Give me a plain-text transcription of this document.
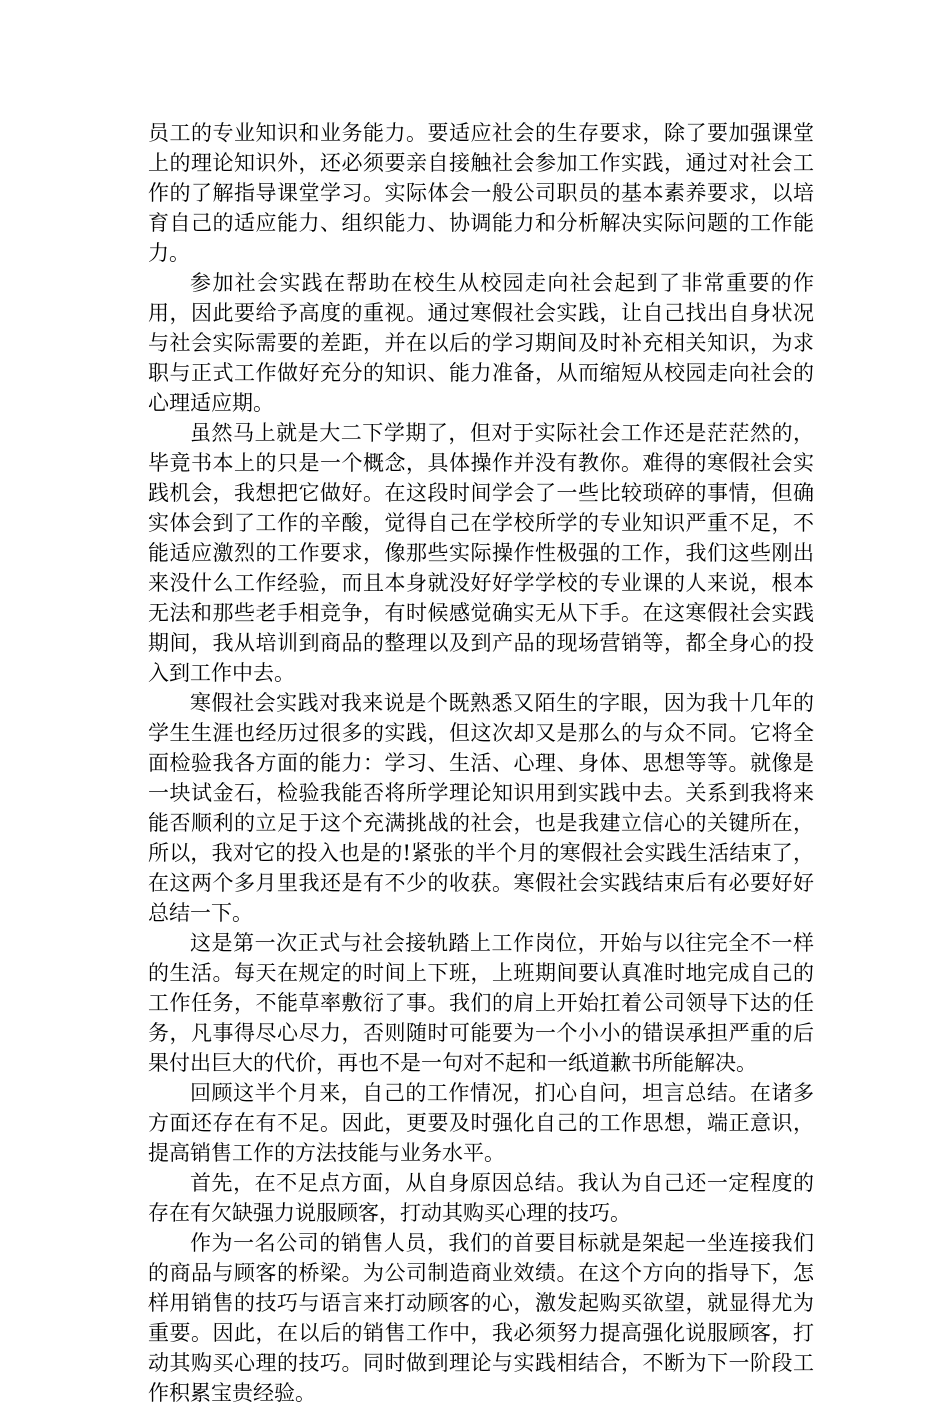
员工的专业知识和业务能力。要适应社会的生存要求，除了要加强课堂上的理论知识外，还必须要亲自接触社会参加工作实践，通过对社会工作的了解指导课堂学习。实际体会一般公司职员的基本素养要求，以培育自己的适应能力、组织能力、协调能力和分析解决实际问题的工作能力。

参加社会实践在帮助在校生从校园走向社会起到了非常重要的作用，因此要给予高度的重视。通过寒假社会实践，让自己找出自身状况与社会实际需要的差距，并在以后的学习期间及时补充相关知识，为求职与正式工作做好充分的知识、能力准备，从而缩短从校园走向社会的心理适应期。

虽然马上就是大二下学期了，但对于实际社会工作还是茫茫然的，毕竟书本上的只是一个概念，具体操作并没有教你。难得的寒假社会实践机会，我想把它做好。在这段时间学会了一些比较琐碎的事情，但确实体会到了工作的辛酸，觉得自己在学校所学的专业知识严重不足，不能适应激烈的工作要求，像那些实际操作性极强的工作，我们这些刚出来没什么工作经验，而且本身就没好好学学校的专业课的人来说，根本无法和那些老手相竞争，有时候感觉确实无从下手。在这寒假社会实践期间，我从培训到商品的整理以及到产品的现场营销等，都全身心的投入到工作中去。

寒假社会实践对我来说是个既熟悉又陌生的字眼，因为我十几年的学生生涯也经历过很多的实践，但这次却又是那么的与众不同。它将全面检验我各方面的能力：学习、生活、心理、身体、思想等等。就像是一块试金石，检验我能否将所学理论知识用到实践中去。关系到我将来能否顺利的立足于这个充满挑战的社会，也是我建立信心的关键所在，所以，我对它的投入也是的!紧张的半个月的寒假社会实践生活结束了，在这两个多月里我还是有不少的收获。寒假社会实践结束后有必要好好总结一下。

这是第一次正式与社会接轨踏上工作岗位，开始与以往完全不一样的生活。每天在规定的时间上下班，上班期间要认真准时地完成自己的工作任务，不能草率敷衍了事。我们的肩上开始扛着公司领导下达的任务，凡事得尽心尽力，否则随时可能要为一个小小的错误承担严重的后果付出巨大的代价，再也不是一句对不起和一纸道歉书所能解决。

回顾这半个月来，自己的工作情况，扪心自问，坦言总结。在诸多方面还存在有不足。因此，更要及时强化自己的工作思想，端正意识，提高销售工作的方法技能与业务水平。

首先，在不足点方面，从自身原因总结。我认为自己还一定程度的存在有欠缺强力说服顾客，打动其购买心理的技巧。

作为一名公司的销售人员，我们的首要目标就是架起一坐连接我们的商品与顾客的桥梁。为公司制造商业效绩。在这个方向的指导下，怎样用销售的技巧与语言来打动顾客的心，激发起购买欲望，就显得尤为重要。因此，在以后的销售工作中，我必须努力提高强化说服顾客，打动其购买心理的技巧。同时做到理论与实践相结合，不断为下一阶段工作积累宝贵经验。
